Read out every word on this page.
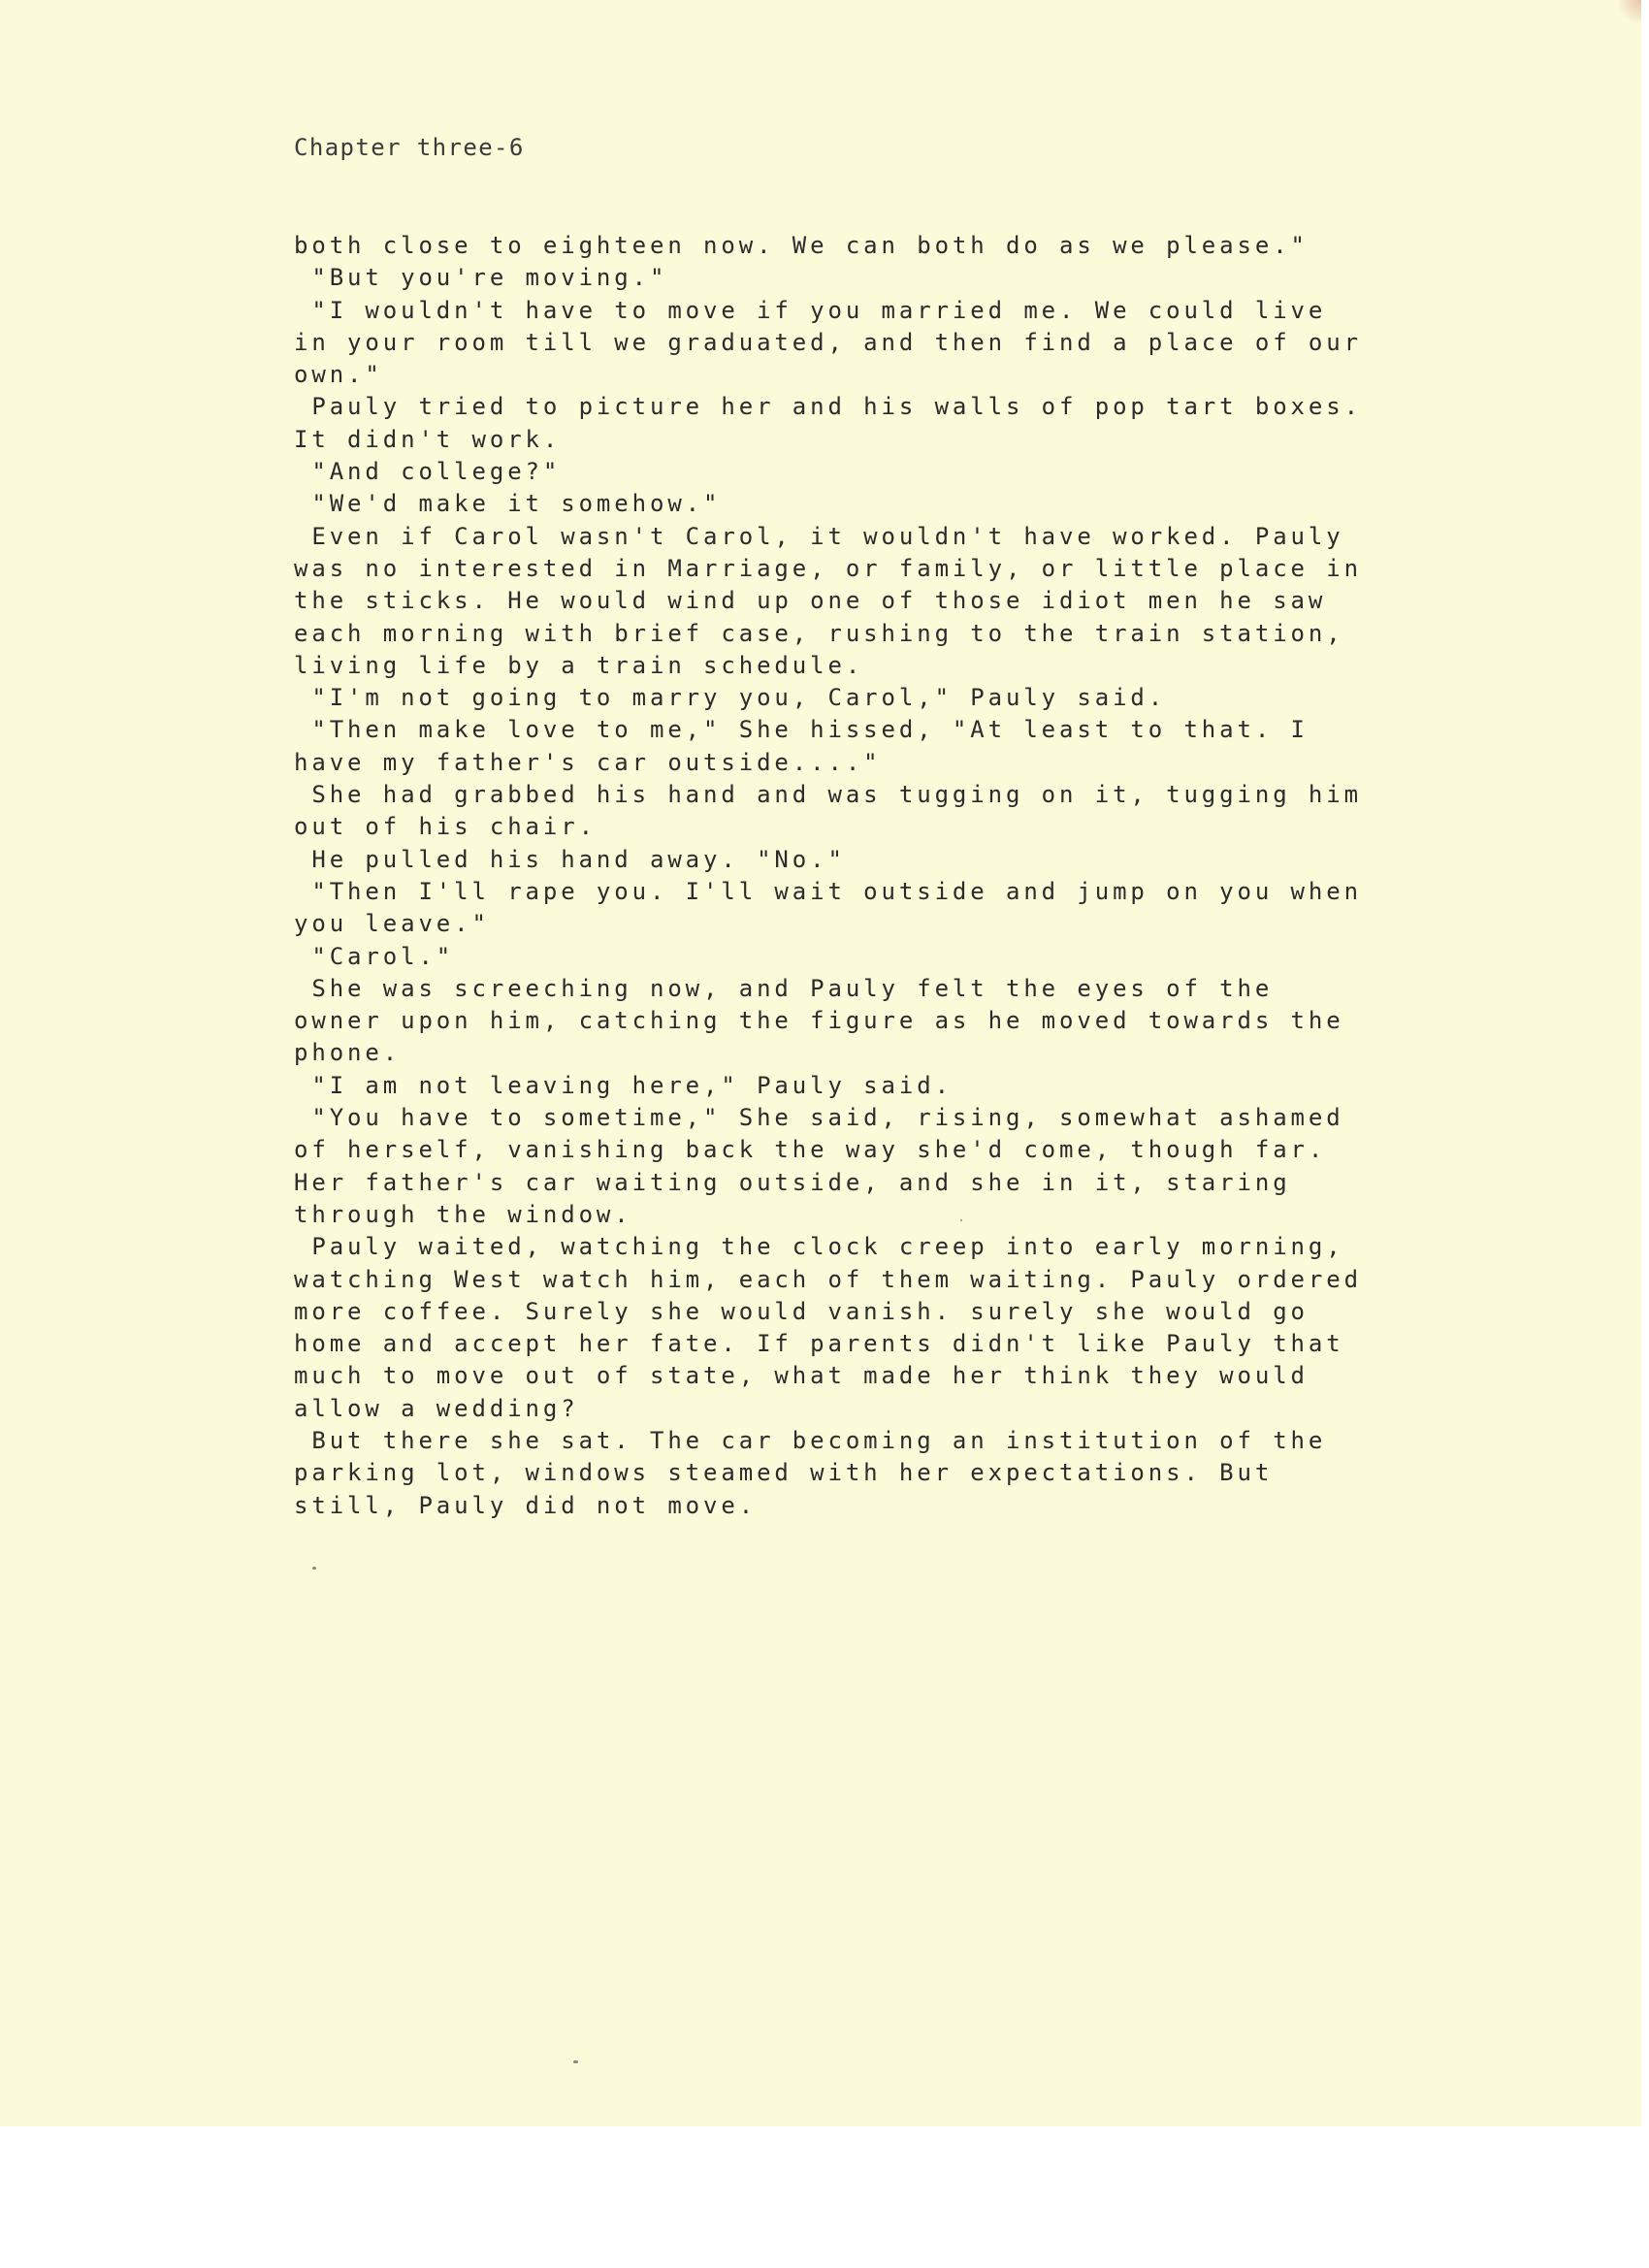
Chapter three-6
both close to eighteen now. We can both do as we please."
"But you're moving."
"I wouldn't have to move if you married me. We could live
in your room till we graduated, and then find a place of our
own."
Pauly tried to picture her and his walls of pop tart boxes.
It didn't work.
"And college?"
"We'd make it somehow."
Even if Carol wasn't Carol, it wouldn't have worked. Pauly
was no interested in Marriage, or family, or little place in
the sticks. He would wind up one of those idiot men he saw
each morning with brief case, rushing to the train station,
living life by a train schedule.
"I'm not going to marry you, Carol," Pauly said.
"Then make love to me," She hissed, "At least to that. I
have my father's car outside...."
She had grabbed his hand and was tugging on it, tugging him
out of his chair.
He pulled his hand away. "No."
"Then I'll rape you. I'll wait outside and jump on you when
you leave."
"Carol."
She was screeching now, and Pauly felt the eyes of the
owner upon him, catching the figure as he moved towards the
phone.
"I am not leaving here," Pauly said.
"You have to sometime," She said, rising, somewhat ashamed
of herself, vanishing back the way she'd come, though far.
Her father's car waiting outside, and she in it, staring
through the window.
Pauly waited, watching the clock creep into early morning,
watching West watch him, each of them waiting. Pauly ordered
more coffee. Surely she would vanish. surely she would go
home and accept her fate. If parents didn't like Pauly that
much to move out of state, what made her think they would
allow a wedding?
But there she sat. The car becoming an institution of the
parking lot, windows steamed with her expectations. But
still, Pauly did not move.
